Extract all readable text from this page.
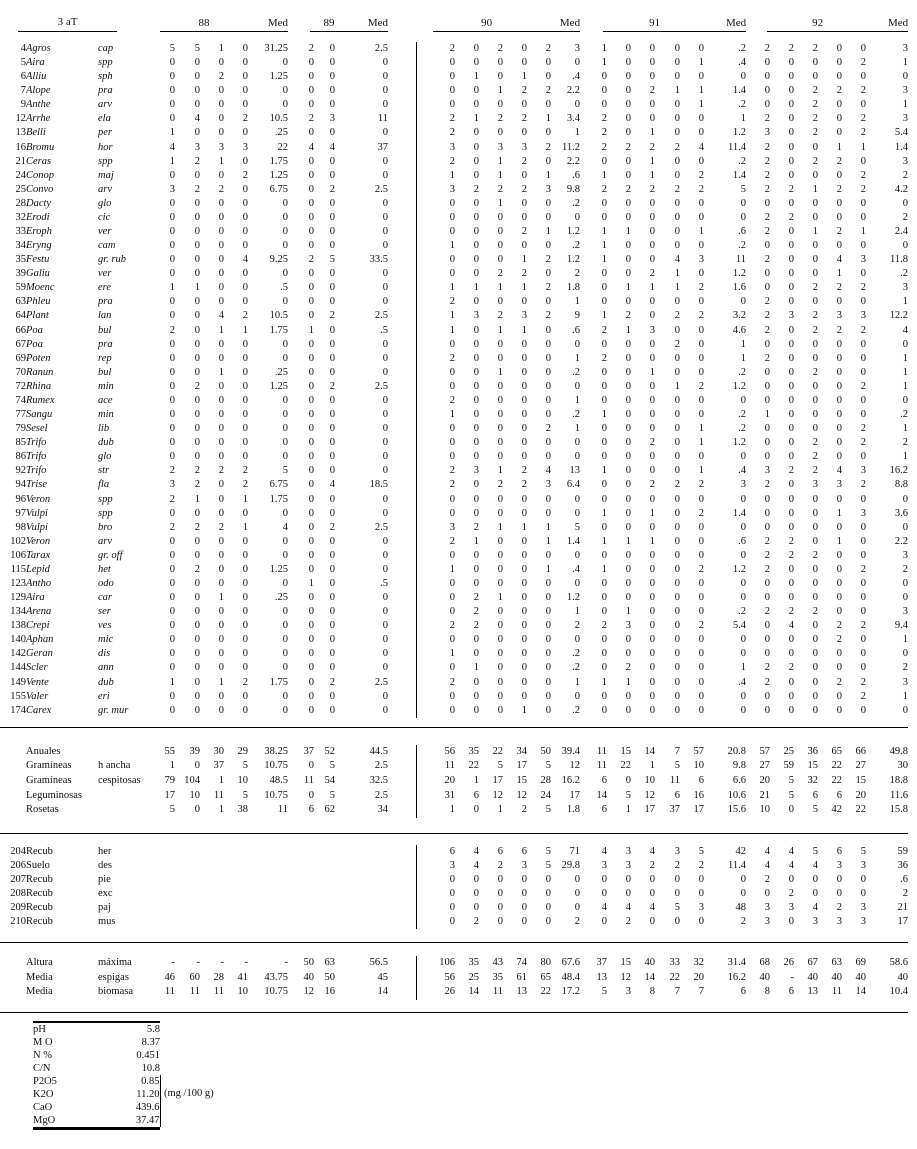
3 aT	88	Med	89	Med		90	Med	91	Med	92	Med
4	Agros	cap	5	5	1	0	31.25	2	0	2.5		2	0	2	0	2	3	1	0	0	0	0	.2	2	2	2	0	0	3
5	Aira	spp	0	0	0	0	0	0	0	0		0	0	0	0	0	0	1	0	0	0	1	.4	0	0	0	0	2	1
6	Alliu	sph	0	0	2	0	1.25	0	0	0		0	1	0	1	0	.4	0	0	0	0	0	0	0	0	0	0	0	0
7	Alope	pra	0	0	0	0	0	0	0	0		0	0	1	2	2	2.2	0	0	2	1	1	1.4	0	0	2	2	2	3
9	Anthe	arv	0	0	0	0	0	0	0	0		0	0	0	0	0	0	0	0	0	0	1	.2	0	0	2	0	0	1
12	Arrhe	ela	0	4	0	2	10.5	2	3	11		2	1	2	2	1	3.4	2	0	0	0	0	1	2	0	2	0	2	3
13	Belli	per	1	0	0	0	.25	0	0	0		2	0	0	0	0	1	2	0	1	0	0	1.2	3	0	2	0	2	5.4
16	Bromu	hor	4	3	3	3	22	4	4	37		3	0	3	3	2	11.2	2	2	2	2	4	11.4	2	0	0	1	1	1.4
21	Ceras	spp	1	2	1	0	1.75	0	0	0		2	0	1	2	0	2.2	0	0	1	0	0	.2	2	0	2	2	0	3
24	Conop	maj	0	0	0	2	1.25	0	0	0		1	0	1	0	1	.6	1	0	1	0	2	1.4	2	0	0	0	2	2
25	Convo	arv	3	2	2	0	6.75	0	2	2.5		3	2	2	2	3	9.8	2	2	2	2	2	5	2	2	1	2	2	4.2
28	Dacty	glo	0	0	0	0	0	0	0	0		0	0	1	0	0	.2	0	0	0	0	0	0	0	0	0	0	0	0
32	Erodi	cic	0	0	0	0	0	0	0	0		0	0	0	0	0	0	0	0	0	0	0	0	2	2	0	0	0	2
33	Eroph	ver	0	0	0	0	0	0	0	0		0	0	0	2	1	1.2	1	1	0	0	1	.6	2	0	1	2	1	2.4
34	Eryng	cam	0	0	0	0	0	0	0	0		1	0	0	0	0	.2	1	0	0	0	0	.2	0	0	0	0	0	0
35	Festu	gr. rub	0	0	0	4	9.25	2	5	33.5		0	0	0	1	2	1.2	1	0	0	4	3	11	2	0	0	4	3	11.8
39	Galiu	ver	0	0	0	0	0	0	0	0		0	0	2	2	0	2	0	0	2	1	0	1.2	0	0	0	1	0	.2
59	Moenc	ere	1	1	0	0	.5	0	0	0		1	1	1	1	2	1.8	0	1	1	1	2	1.6	0	0	2	2	2	3
63	Phleu	pra	0	0	0	0	0	0	0	0		2	0	0	0	0	1	0	0	0	0	0	0	2	0	0	0	0	1
64	Plant	lan	0	0	4	2	10.5	0	2	2.5		1	3	2	3	2	9	1	2	0	2	2	3.2	2	3	2	3	3	12.2
66	Poa	bul	2	0	1	1	1.75	1	0	.5		1	0	1	1	0	.6	2	1	3	0	0	4.6	2	0	2	2	2	4
67	Poa	pra	0	0	0	0	0	0	0	0		0	0	0	0	0	0	0	0	0	2	0	1	0	0	0	0	0	0
69	Poten	rep	0	0	0	0	0	0	0	0		2	0	0	0	0	1	2	0	0	0	0	1	2	0	0	0	0	1
70	Ranun	bul	0	0	1	0	.25	0	0	0		0	0	1	0	0	.2	0	0	1	0	0	.2	0	0	2	0	0	1
72	Rhina	min	0	2	0	0	1.25	0	2	2.5		0	0	0	0	0	0	0	0	0	1	2	1.2	0	0	0	0	2	1
74	Rumex	ace	0	0	0	0	0	0	0	0		2	0	0	0	0	1	0	0	0	0	0	0	0	0	0	0	0	0
77	Sangu	min	0	0	0	0	0	0	0	0		1	0	0	0	0	.2	1	0	0	0	0	.2	1	0	0	0	0	.2
79	Sesel	lib	0	0	0	0	0	0	0	0		0	0	0	0	2	1	0	0	0	0	1	.2	0	0	0	0	2	1
85	Trifo	dub	0	0	0	0	0	0	0	0		0	0	0	0	0	0	0	0	2	0	1	1.2	0	0	2	0	2	2
86	Trifo	glo	0	0	0	0	0	0	0	0		0	0	0	0	0	0	0	0	0	0	0	0	0	0	2	0	0	1
92	Trifo	str	2	2	2	2	5	0	0	0		2	3	1	2	4	13	1	0	0	0	1	.4	3	2	2	4	3	16.2
94	Trise	fla	3	2	0	2	6.75	0	4	18.5		2	0	2	2	3	6.4	0	0	2	2	2	3	2	0	3	3	2	8.8
96	Veron	spp	2	1	0	1	1.75	0	0	0		0	0	0	0	0	0	0	0	0	0	0	0	0	0	0	0	0	0
97	Vulpi	spp	0	0	0	0	0	0	0	0		0	0	0	0	0	0	1	0	1	0	2	1.4	0	0	0	1	3	3.6
98	Vulpi	bro	2	2	2	1	4	0	2	2.5		3	2	1	1	1	5	0	0	0	0	0	0	0	0	0	0	0	0
102	Veron	arv	0	0	0	0	0	0	0	0		2	1	0	0	1	1.4	1	1	1	0	0	.6	2	2	0	1	0	2.2
106	Tarax	gr. off	0	0	0	0	0	0	0	0		0	0	0	0	0	0	0	0	0	0	0	0	2	2	2	0	0	3
115	Lepid	het	0	2	0	0	1.25	0	0	0		1	0	0	0	1	.4	1	0	0	0	2	1.2	2	0	0	0	2	2
123	Antho	odo	0	0	0	0	0	1	0	.5		0	0	0	0	0	0	0	0	0	0	0	0	0	0	0	0	0	0
129	Aira	car	0	0	1	0	.25	0	0	0		0	2	1	0	0	1.2	0	0	0	0	0	0	0	0	0	0	0	0
134	Arena	ser	0	0	0	0	0	0	0	0		0	2	0	0	0	1	0	1	0	0	0	.2	2	2	2	0	0	3
138	Crepi	ves	0	0	0	0	0	0	0	0		2	2	0	0	0	2	2	3	0	0	2	5.4	0	4	0	2	2	9.4
140	Aphan	mic	0	0	0	0	0	0	0	0		0	0	0	0	0	0	0	0	0	0	0	0	0	0	0	2	0	1
142	Geran	dis	0	0	0	0	0	0	0	0		1	0	0	0	0	.2	0	0	0	0	0	0	0	0	0	0	0	0
144	Scler	ann	0	0	0	0	0	0	0	0		0	1	0	0	0	.2	0	2	0	0	0	1	2	2	0	0	0	2
149	Vente	dub	1	0	1	2	1.75	0	2	2.5		2	0	0	0	0	1	1	1	0	0	0	.4	2	0	0	2	2	3
155	Valer	eri	0	0	0	0	0	0	0	0		0	0	0	0	0	0	0	0	0	0	0	0	0	0	0	0	2	1
174	Carex	gr. mur	0	0	0	0	0	0	0	0		0	0	0	1	0	.2	0	0	0	0	0	0	0	0	0	0	0	0
	Anuales		55	39	30	29	38.25	37	52	44.5		56	35	22	34	50	39.4	11	15	14	7	57	20.8	57	25	36	65	66	49.8
	Gramíneas	h ancha	1	0	37	5	10.75	0	5	2.5		11	22	5	17	5	12	11	22	1	5	10	9.8	27	59	15	22	27	30
	Gramíneas	cespitosas	79	104	1	10	48.5	11	54	32.5		20	1	17	15	28	16.2	6	0	10	11	6	6.6	20	5	32	22	15	18.8
	Leguminosas		17	10	11	5	10.75	0	5	2.5		31	6	12	12	24	17	14	5	12	6	16	10.6	21	5	6	6	20	11.6
	Rosetas		5	0	1	38	11	6	62	34		1	0	1	2	5	1.8	6	1	17	37	17	15.6	10	0	5	42	22	15.8
204	Recub	her										6	4	6	6	5	71	4	3	4	3	5	42	4	4	5	6	5	59
206	Suelo	des										3	4	2	3	5	29.8	3	3	2	2	2	11.4	4	4	4	3	3	36
207	Recub	pie										0	0	0	0	0	0	0	0	0	0	0	0	2	0	0	0	0	.6
208	Recub	exc										0	0	0	0	0	0	0	0	0	0	0	0	0	2	0	0	0	2
209	Recub	paj										0	0	0	0	0	0	4	4	4	5	3	48	3	3	4	2	3	21
210	Recub	mus										0	2	0	0	0	2	0	2	0	0	0	2	3	0	3	3	3	17
	Altura	máxima	-	-	-	-	-	50	63	56.5		106	35	43	74	80	67.6	37	15	40	33	32	31.4	68	26	67	63	69	58.6
	Media	espigas	46	60	28	41	43.75	40	50	45		56	25	35	61	65	48.4	13	12	14	22	20	16.2	40	-	40	40	40	40
	Media	biomasa	11	11	11	10	10.75	12	16	14		26	14	11	13	22	17.2	5	3	8	7	7	6	8	6	13	11	14	10.4
pH	5.8
M O	8.37
N %	0.451
C/N	10.8
P2O5	0.85
K2O	11.20
CaO	439.6
MgO	37.47
(mg /100 g)
